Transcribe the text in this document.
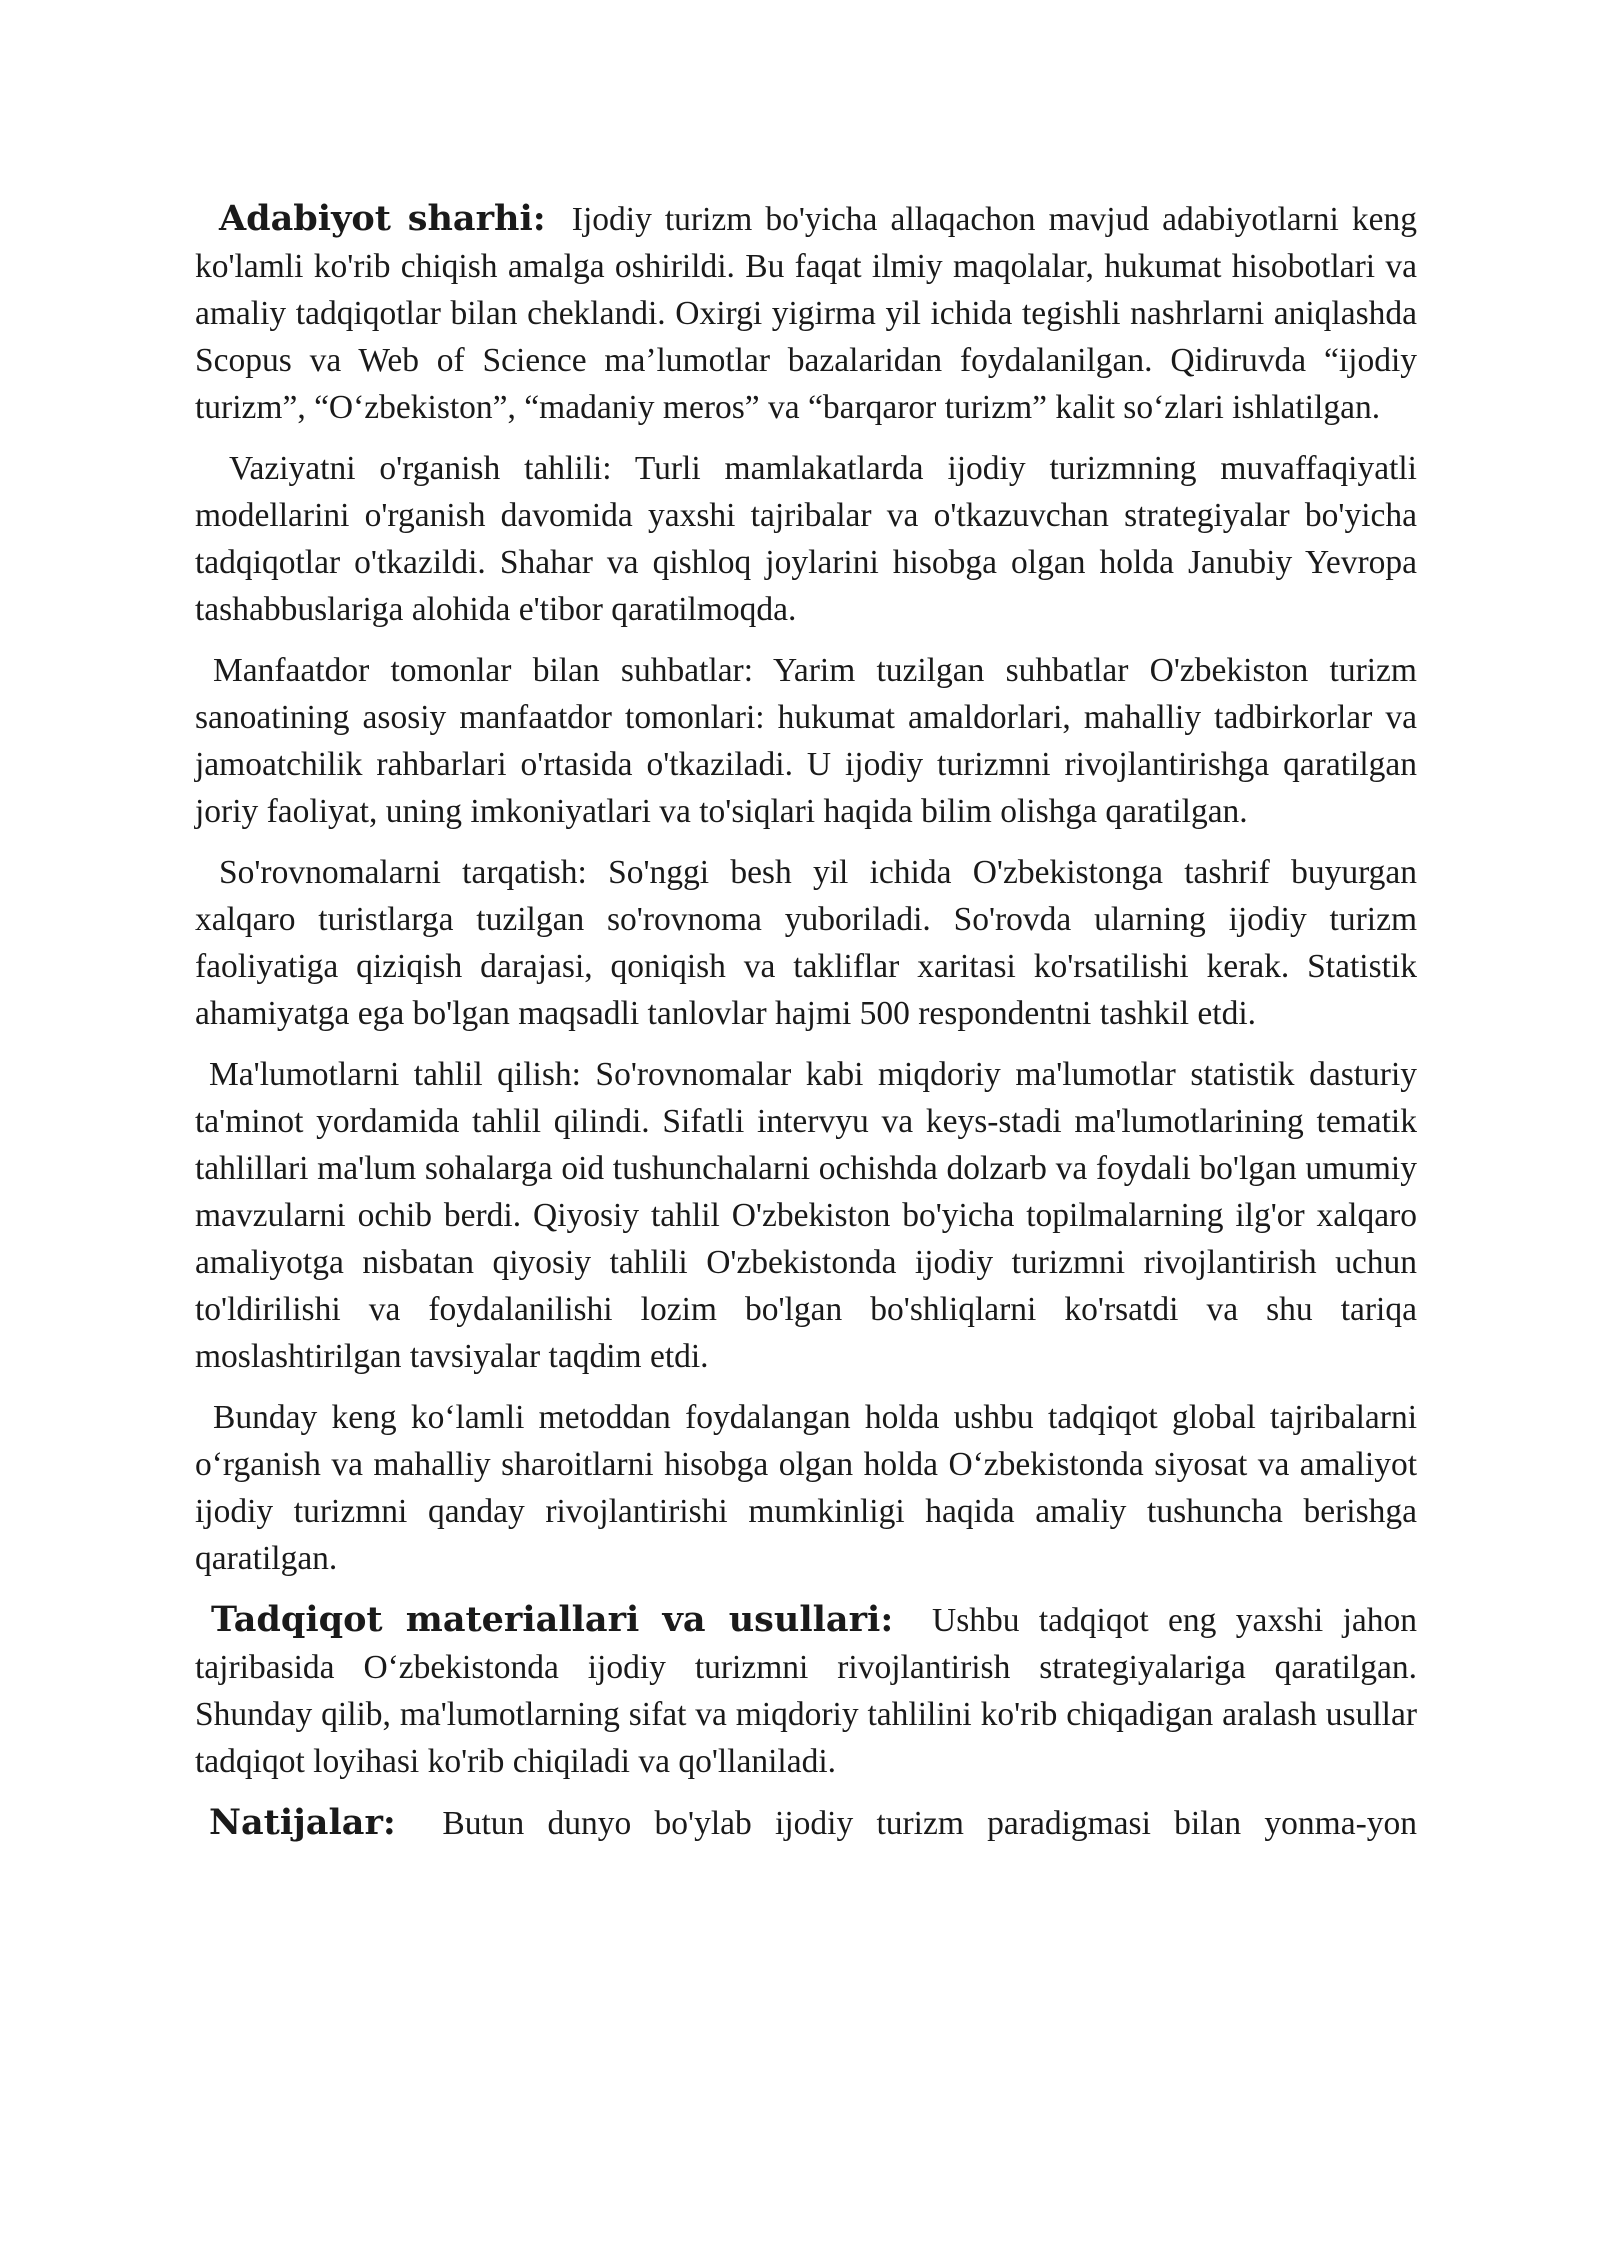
Adabiyot sharhi: Ijodiy turizm bo'yicha allaqachon mavjud adabiyotlarni keng ko'lamli ko'rib chiqish amalga oshirildi. Bu faqat ilmiy maqolalar, hukumat hisobotlari va amaliy tadqiqotlar bilan cheklandi. Oxirgi yigirma yil ichida tegishli nashrlarni aniqlashda Scopus va Web of Science ma’lumotlar bazalaridan foydalanilgan. Qidiruvda “ijodiy turizm”, “O‘zbekiston”, “madaniy meros” va “barqaror turizm” kalit so‘zlari ishlatilgan.

Vaziyatni o'rganish tahlili: Turli mamlakatlarda ijodiy turizmning muvaffaqiyatli modellarini o'rganish davomida yaxshi tajribalar va o'tkazuvchan strategiyalar bo'yicha tadqiqotlar o'tkazildi. Shahar va qishloq joylarini hisobga olgan holda Janubiy Yevropa tashabbuslariga alohida e'tibor qaratilmoqda.

Manfaatdor tomonlar bilan suhbatlar: Yarim tuzilgan suhbatlar O'zbekiston turizm sanoatining asosiy manfaatdor tomonlari: hukumat amaldorlari, mahalliy tadbirkorlar va jamoatchilik rahbarlari o'rtasida o'tkaziladi. U ijodiy turizmni rivojlantirishga qaratilgan joriy faoliyat, uning imkoniyatlari va to'siqlari haqida bilim olishga qaratilgan.

So'rovnomalarni tarqatish: So'nggi besh yil ichida O'zbekistonga tashrif buyurgan xalqaro turistlarga tuzilgan so'rovnoma yuboriladi. So'rovda ularning ijodiy turizm faoliyatiga qiziqish darajasi, qoniqish va takliflar xaritasi ko'rsatilishi kerak. Statistik ahamiyatga ega bo'lgan maqsadli tanlovlar hajmi 500 respondentni tashkil etdi.

Ma'lumotlarni tahlil qilish: So'rovnomalar kabi miqdoriy ma'lumotlar statistik dasturiy ta'minot yordamida tahlil qilindi. Sifatli intervyu va keys-stadi ma'lumotlarining tematik tahlillari ma'lum sohalarga oid tushunchalarni ochishda dolzarb va foydali bo'lgan umumiy mavzularni ochib berdi. Qiyosiy tahlil O'zbekiston bo'yicha topilmalarning ilg'or xalqaro amaliyotga nisbatan qiyosiy tahlili O'zbekistonda ijodiy turizmni rivojlantirish uchun to'ldirilishi va foydalanilishi lozim bo'lgan bo'shliqlarni ko'rsatdi va shu tariqa moslashtirilgan tavsiyalar taqdim etdi.

Bunday keng ko‘lamli metoddan foydalangan holda ushbu tadqiqot global tajribalarni o‘rganish va mahalliy sharoitlarni hisobga olgan holda O‘zbekistonda siyosat va amaliyot ijodiy turizmni qanday rivojlantirishi mumkinligi haqida amaliy tushuncha berishga qaratilgan.

Tadqiqot materiallari va usullari: Ushbu tadqiqot eng yaxshi jahon tajribasida O‘zbekistonda ijodiy turizmni rivojlantirish strategiyalariga qaratilgan. Shunday qilib, ma'lumotlarning sifat va miqdoriy tahlilini ko'rib chiqadigan aralash usullar tadqiqot loyihasi ko'rib chiqiladi va qo'llaniladi.

Natijalar: Butun dunyo bo'ylab ijodiy turizm paradigmasi bilan yonma-yon
